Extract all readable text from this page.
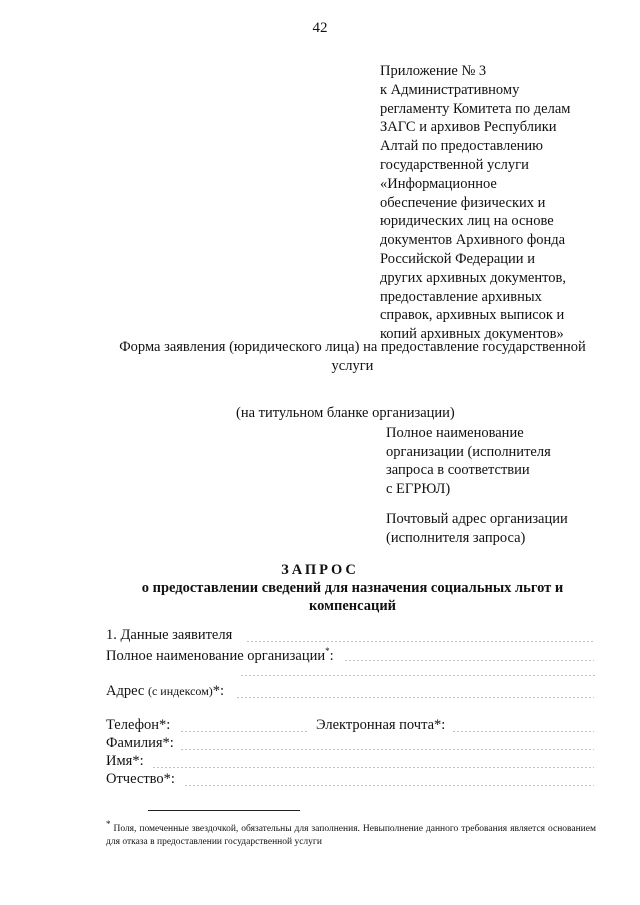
42
Приложение № 3
к Административному
регламенту Комитета по делам
ЗАГС и архивов Республики
Алтай по предоставлению
государственной услуги
«Информационное
обеспечение физических и
юридических лиц на основе
документов Архивного фонда
Российской Федерации и
других архивных документов,
предоставление архивных
справок, архивных выписок и
копий архивных документов»
Форма заявления (юридического лица) на предоставление государственной услуги
(на титульном бланке организации)
Полное наименование
организации (исполнителя
запроса в соответствии
с ЕГРЮЛ)
Почтовый адрес организации
(исполнителя запроса)
ЗАПРОС
о предоставлении сведений для назначения социальных льгот и компенсаций
1. Данные заявителя
Полное наименование организации*:
Адрес (с индексом)*:
Телефон*:	Электронная почта*:
Фамилия*:
Имя*:
Отчество*:
* Поля, помеченные звездочкой, обязательны для заполнения. Невыполнение данного требования является основанием для отказа в предоставлении государственной услуги
